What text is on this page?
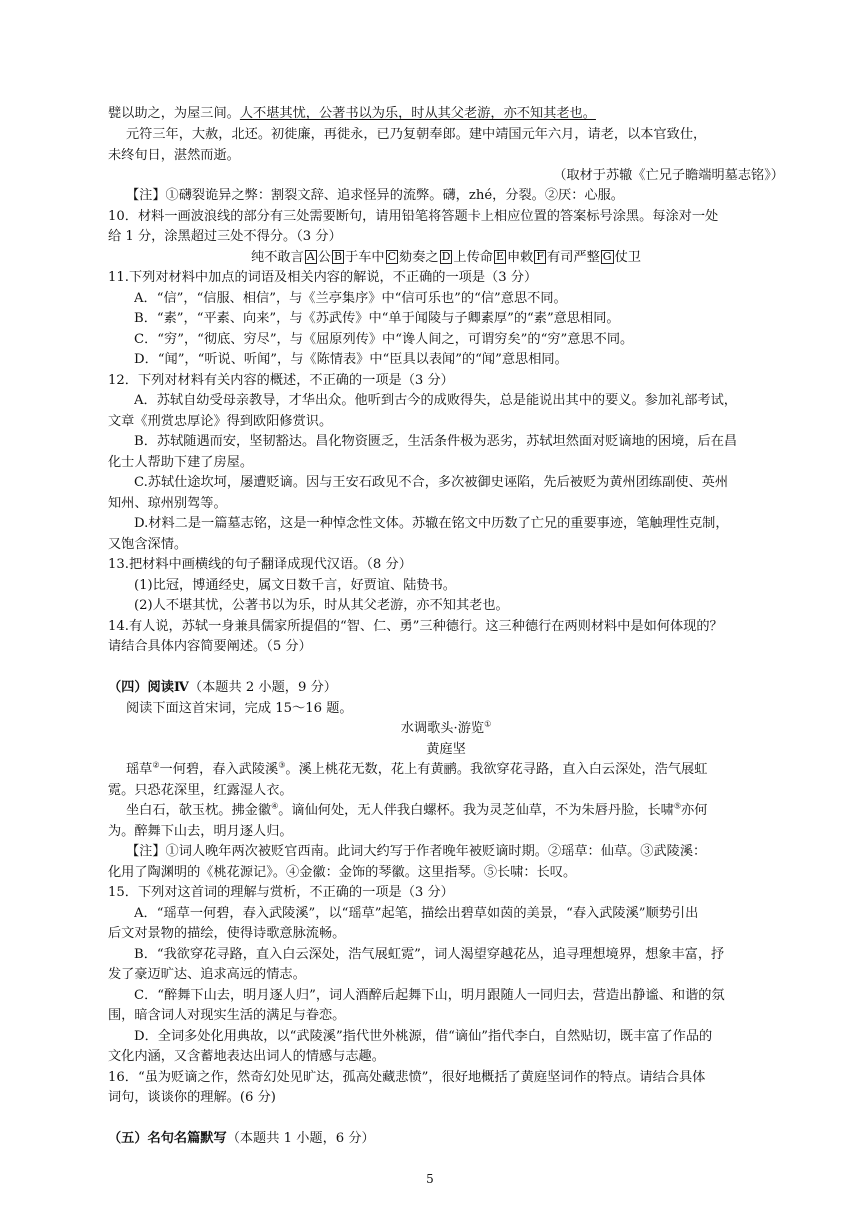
甓以助之，为屋三间。人不堪其忧，公著书以为乐，时从其父老游，亦不知其老也。
元符三年，大赦，北还。初徙廉，再徙永，已乃复朝奉郎。建中靖国元年六月，请老，以本官致仕，
未终旬日，湛然而逝。
（取材于苏辙《亡兄子瞻端明墓志铭》）
【注】①礴裂诡异之弊：割裂文辞、追求怪异的流弊。礴，zhé，分裂。②厌：心服。
10．材料一画波浪线的部分有三处需要断句，请用铅笔将答题卡上相应位置的答案标号涂黑。每涂对一处
给 1 分，涂黑超过三处不得分。（3 分）
纯不敢言 A 公 B 于车中 C 劾奏之 D 上传命 E 申敕 F 有司严整 G 仗卫
11.下列对材料中加点的词语及相关内容的解说，不正确的一项是（3 分）
A．“信”，“信服、相信”，与《兰亭集序》中“信可乐也”的“信”意思不同。
B．“素”，“平素、向来”，与《苏武传》中“单于闻陵与子卿素厚”的“素”意思相同。
C．“穷”，“彻底、穷尽”，与《屈原列传》中“谗人间之，可谓穷矣”的“穷”意思不同。
D．“闻”，“听说、听闻”，与《陈情表》中“臣具以表闻”的“闻”意思相同。
12．下列对材料有关内容的概述，不正确的一项是（3 分）
A．苏轼自幼受母亲教导，才华出众。他听到古今的成败得失，总是能说出其中的要义。参加礼部考试，
文章《刑赏忠厚论》得到欧阳修赏识。
B．苏轼随遇而安，坚韧豁达。昌化物资匮乏，生活条件极为恶劣，苏轼坦然面对贬谪地的困境，后在昌
化士人帮助下建了房屋。
C.苏轼仕途坎坷，屡遭贬谪。因与王安石政见不合，多次被御史诬陷，先后被贬为黄州团练副使、英州
知州、琼州别驾等。
D.材料二是一篇墓志铭，这是一种悼念性文体。苏辙在铭文中历数了亡兄的重要事迹，笔触理性克制，
又饱含深情。
13.把材料中画横线的句子翻译成现代汉语。（8 分）
(1)比冠，博通经史，属文日数千言，好贾谊、陆贽书。
(2)人不堪其忧，公著书以为乐，时从其父老游，亦不知其老也。
14.有人说，苏轼一身兼具儒家所提倡的“智、仁、勇”三种德行。这三种德行在两则材料中是如何体现的？
请结合具体内容简要阐述。（5 分）
（四）阅读Ⅳ（本题共 2 小题，9 分）
阅读下面这首宋词，完成 15～16 题。
水调歌头·游览①
黄庭坚
瑶草②一何碧，春入武陵溪③。溪上桃花无数，花上有黄鹂。我欲穿花寻路，直入白云深处，浩气展虹
霓。只恐花深里，红露湿人衣。
坐白石，欹玉枕。拂金徽④。谪仙何处，无人伴我白螺杯。我为灵芝仙草，不为朱唇丹脸，长啸⑤亦何
为。醉舞下山去，明月逐人归。
【注】①词人晚年两次被贬官西南。此词大约写于作者晚年被贬谪时期。②瑶草：仙草。③武陵溪：
化用了陶渊明的《桃花源记》。④金徽：金饰的琴徽。这里指琴。⑤长啸：长叹。
15．下列对这首词的理解与赏析，不正确的一项是（3 分）
A．“瑶草一何碧，春入武陵溪”，以“瑶草”起笔，描绘出碧草如茵的美景，“春入武陵溪”顺势引出
后文对景物的描绘，使得诗歌意脉流畅。
B．“我欲穿花寻路，直入白云深处，浩气展虹霓”，词人渴望穿越花丛，追寻理想境界，想象丰富，抒
发了豪迈旷达、追求高远的情志。
C．“醉舞下山去，明月逐人归”，词人酒醉后起舞下山，明月跟随人一同归去，营造出静谧、和谐的氛
围，暗含词人对现实生活的满足与眷恋。
D．全词多处化用典故，以“武陵溪”指代世外桃源，借“谪仙”指代李白，自然贴切，既丰富了作品的
文化内涵，又含蓄地表达出词人的情感与志趣。
16．“虽为贬谪之作，然奇幻处见旷达，孤高处藏悲愤”，很好地概括了黄庭坚词作的特点。请结合具体
词句，谈谈你的理解。(6 分)
（五）名句名篇默写（本题共 1 小题，6 分）
5
